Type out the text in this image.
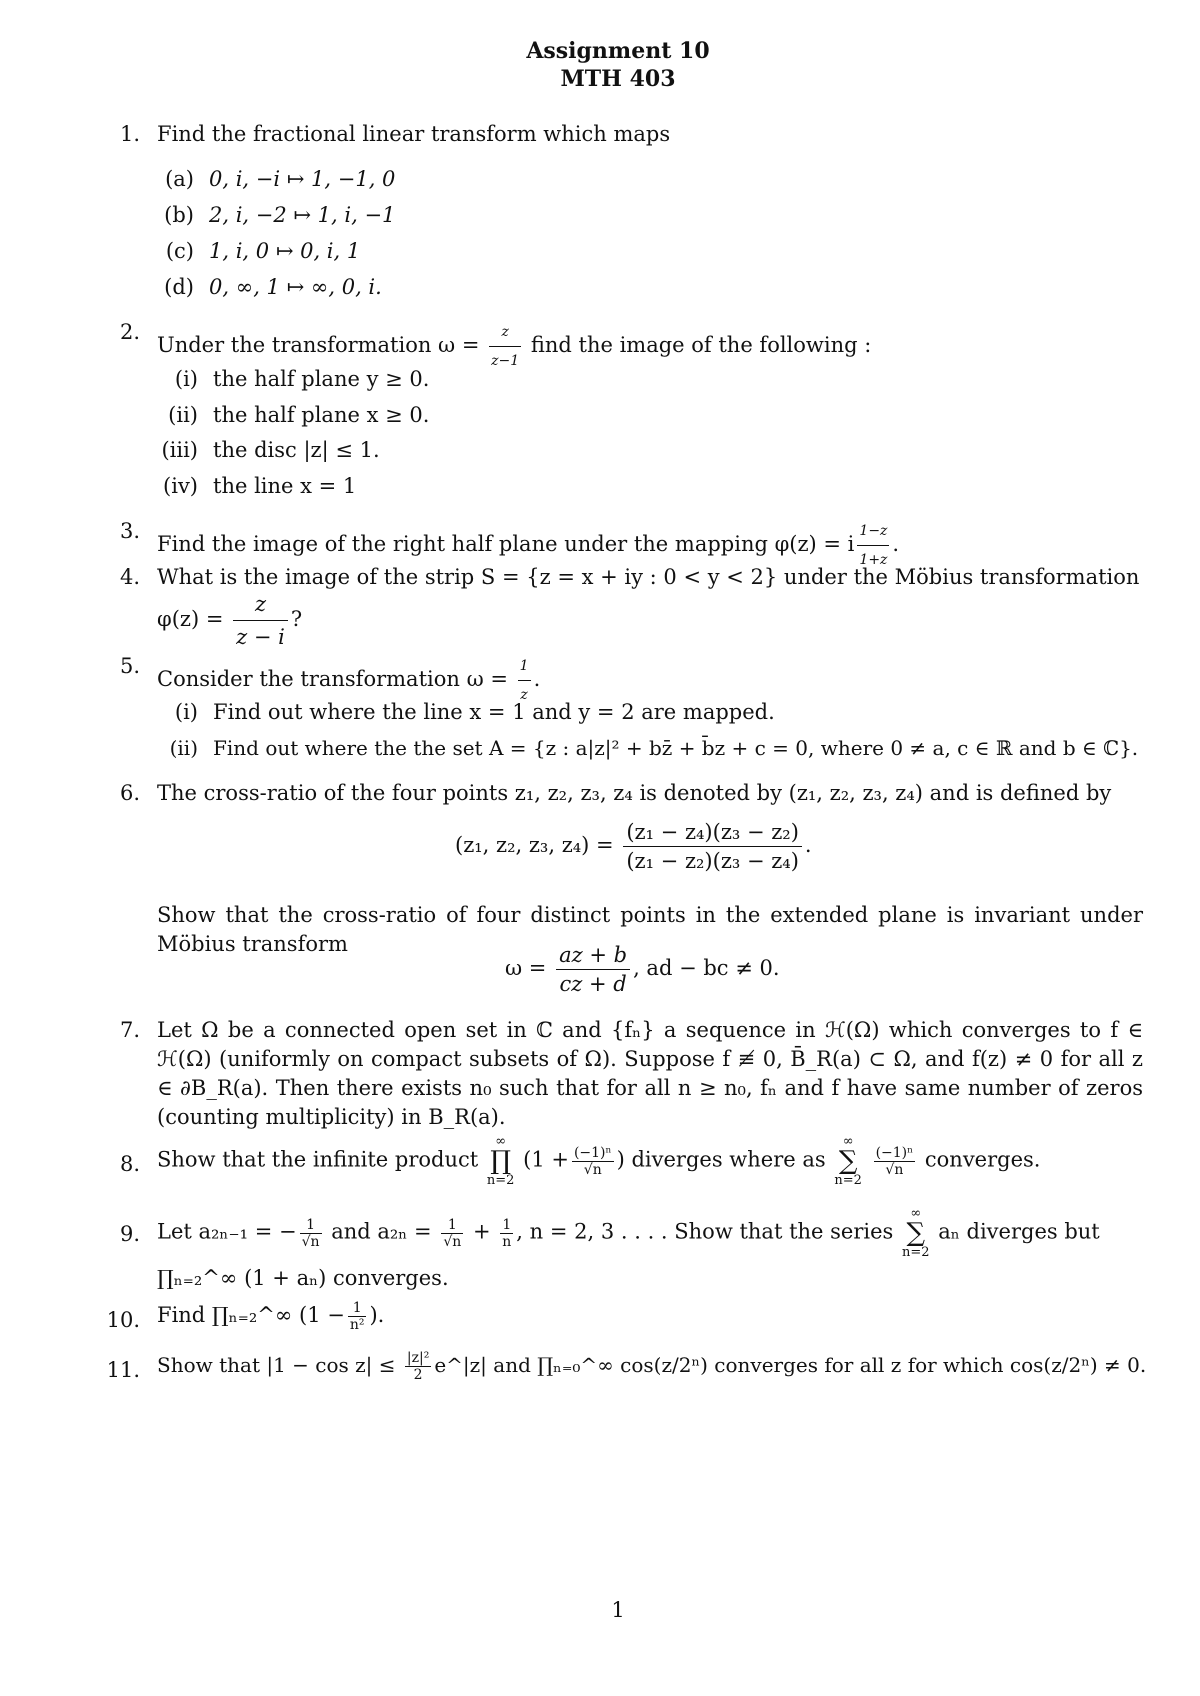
Assignment 10
MTH 403
1. Find the fractional linear transform which maps
(a) 0, i, −i ↦ 1, −1, 0
(b) 2, i, −2 ↦ 1, i, −1
(c) 1, i, 0 ↦ 0, i, 1
(d) 0, ∞, 1 ↦ ∞, 0, i.
2.
Under the transformation $\omega = \frac{z}{z-1}$ find the image of the following :
(i) the half plane y ≥ 0.
(ii) the half plane x ≥ 0.
(iii) the disc |z| ≤ 1.
(iv) the line x = 1
3.
Find the image of the right half plane under the mapping φ(z) = i $\frac{1-z}{1+z}$ .
4. What is the image of the strip S = {z = x + iy : 0 < y < 2} under the Möbius transformation
$\varphi(z) = \frac{z}{z - i}$ ?
5.
Consider the transformation $\omega = \frac{1}{z}$ .
(i) Find out where the line x = 1 and y = 2 are mapped.
(ii) Find out where the the set A = {z : a|z|² + bz̄ + b̄z + c = 0, where 0 ≠ a, c ∈ ℝ and b ∈ ℂ}.
6. The cross-ratio of the four points z₁, z₂, z₃, z₄ is denoted by (z₁, z₂, z₃, z₄) and is defined by
(z₁, z₂, z₃, $z_4) = \frac{\text{(z₁ − z₄)(z₃ − z₂)}}{\text{(z₁ − z₂)(z₃ − z₄)}}$ .
Show that the cross-ratio of four distinct points in the extended plane is invariant under Möbius transform
$\omega = \frac{az + b}{cz + d}$ , ad − bc ≠ 0.
7. Let Ω be a connected open set in ℂ and {fₙ} a sequence in ℋ(Ω) which converges to f ∈ ℋ(Ω) (uniformly on compact subsets of Ω). Suppose f ≢ 0, B̄_R(a) ⊂ Ω, and f(z) ≠ 0 for all z ∈ ∂B_R(a). Then there exists n₀ such that for all n ≥ n₀, fₙ and f have same number of zeros (counting multiplicity) in B_R(a).
8. Show that the infinite product
∞
∏
n=2
($1 + \frac{\text{(−1)ⁿ}}{√n}$ ) diverges where as
∞
∑
n=2

$\frac{\text{(−1)ⁿ}}{√n}$ converges.
9. Let a₂ₙ₋₁ = − $\frac{1}{√n}$ and $a_{2n} = \frac{1}{√n} + \frac{1}{n}$ , n = 2, 3 . . . . Show that the series
∞
∑
n=2
aₙ diverges but
∏ₙ₌₂^∞ (1 + aₙ) converges.
10. Find ∏ₙ₌₂^∞ ($1 - \frac{1}{\text{n²}}$ ).
11. Show that $|1 - \cos z| \le \frac{\text{|z|²}}{2}$ e^|z| and ∏ₙ₌₀^∞ cos(z/2ⁿ) converges for all z for which cos(z/2ⁿ) ≠ 0.
1
